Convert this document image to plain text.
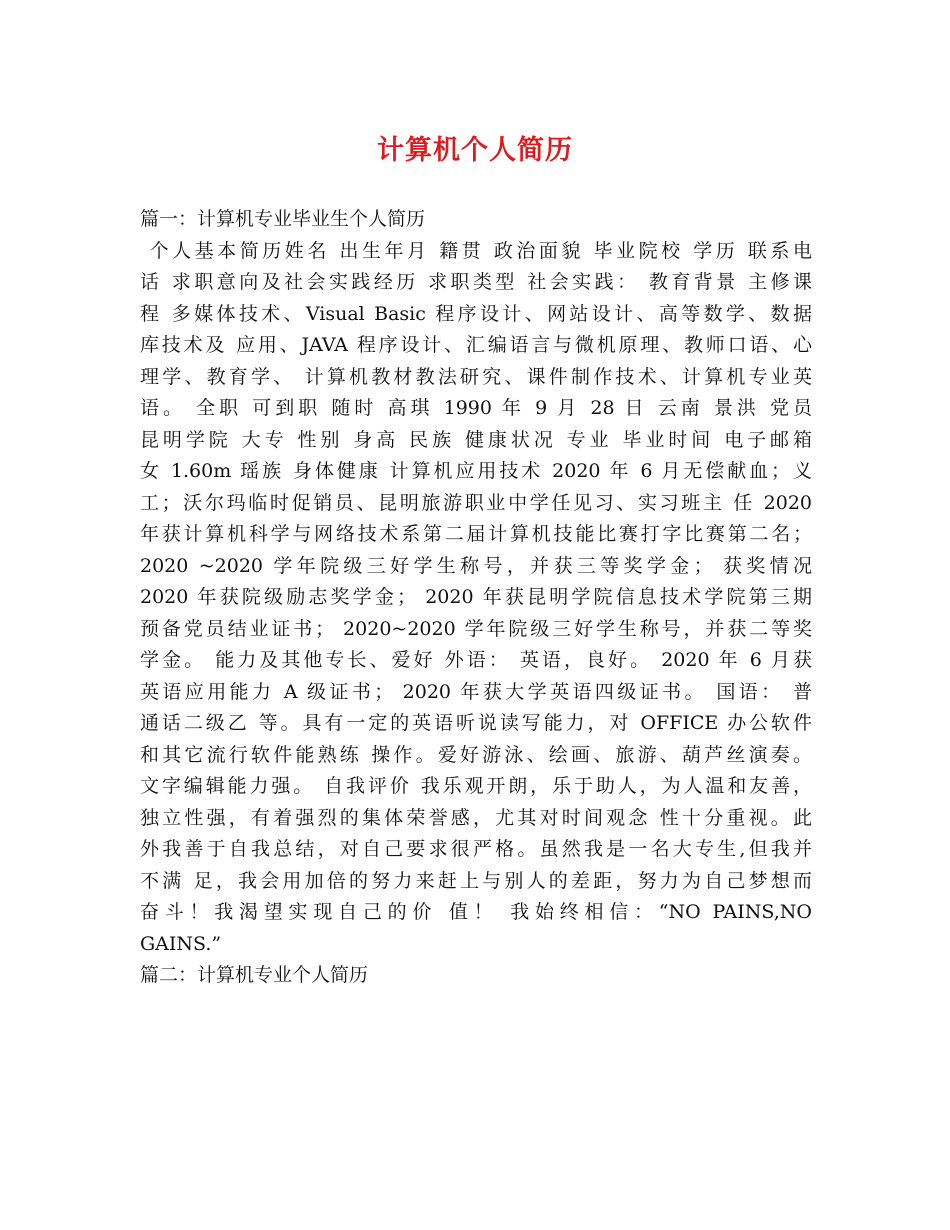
计算机个人简历
篇一：计算机专业毕业生个人简历
个人基本简历姓名 出生年月 籍贯 政治面貌 毕业院校 学历 联系电
话 求职意向及社会实践经历 求职类型 社会实践： 教育背景 主修课
程 多媒体技术、Visual Basic 程序设计、网站设计、高等数学、数据
库技术及 应用、JAVA 程序设计、汇编语言与微机原理、教师口语、心
理学、教育学、 计算机教材教法研究、课件制作技术、计算机专业英
语。 全职 可到职 随时 高琪 1990 年 9 月 28 日 云南 景洪 党员
昆明学院 大专 性别 身高 民族 健康状况 专业 毕业时间 电子邮箱
女 1.60m 瑶族 身体健康 计算机应用技术 2020 年 6 月无偿献血；义
工；沃尔玛临时促销员、昆明旅游职业中学任见习、实习班主 任 2020
年获计算机科学与网络技术系第二届计算机技能比赛打字比赛第二名；
2020 ~2020 学年院级三好学生称号，并获三等奖学金； 获奖情况
2020 年获院级励志奖学金； 2020 年获昆明学院信息技术学院第三期
预备党员结业证书； 2020~2020 学年院级三好学生称号，并获二等奖
学金。 能力及其他专长、爱好 外语： 英语，良好。 2020 年 6 月获
英语应用能力 A 级证书； 2020 年获大学英语四级证书。 国语： 普
通话二级乙 等。具有一定的英语听说读写能力，对 OFFICE 办公软件
和其它流行软件能熟练 操作。爱好游泳、绘画、旅游、葫芦丝演奏。
文字编辑能力强。 自我评价 我乐观开朗，乐于助人，为人温和友善，
独立性强，有着强烈的集体荣誉感，尤其对时间观念 性十分重视。此
外我善于自我总结，对自己要求很严格。虽然我是一名大专生,但我并
不满 足，我会用加倍的努力来赶上与别人的差距，努力为自己梦想而
奋斗！我渴望实现自己的价 值！ 我始终相信：“NO PAINS,NO
GAINS.”
篇二：计算机专业个人简历
